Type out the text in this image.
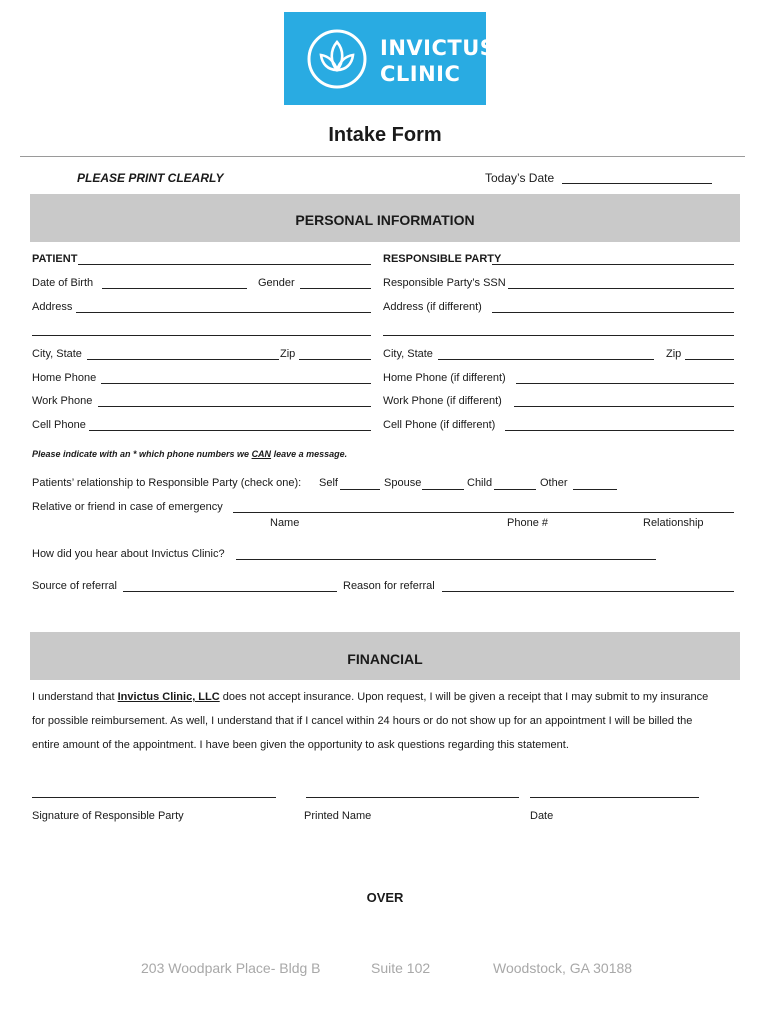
INVICTUS
CLINIC
Intake Form
PLEASE PRINT CLEARLY	Today’s Date
PERSONAL INFORMATION
PATIENT	RESPONSIBLE PARTY
Date of Birth	Gender	Responsible Party’s SSN
Address	Address (if different)
City, State	Zip	City, State	Zip
Home Phone	Home Phone (if different)
Work Phone	Work Phone (if different)
Cell Phone	Cell Phone (if different)
Please indicate with an * which phone numbers we CAN leave a message.
Patients’ relationship to Responsible Party (check one): Self	Spouse	Child	Other
Relative or friend in case of emergency
Name	Phone #	Relationship
How did you hear about Invictus Clinic?
Source of referral	Reason for referral
FINANCIAL
I understand that Invictus Clinic, LLC does not accept insurance. Upon request, I will be given a receipt that I may submit to my insurance
for possible reimbursement. As well, I understand that if I cancel within 24 hours or do not show up for an appointment I will be billed the
entire amount of the appointment. I have been given the opportunity to ask questions regarding this statement.
Signature of Responsible Party	Printed Name	Date
OVER
203 Woodpark Place- Bldg B	Suite 102	Woodstock, GA 30188
